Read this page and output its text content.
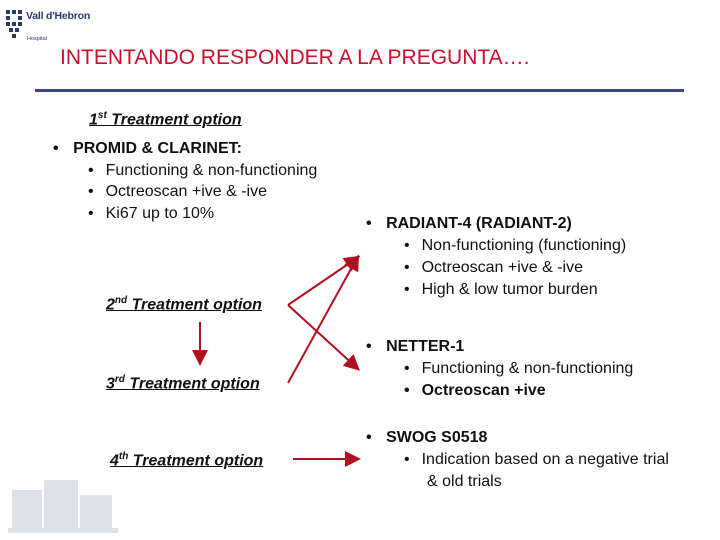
Vall d'Hebron
Hospital
INTENTANDO RESPONDER A LA PREGUNTA….
1st Treatment option
• PROMID & CLARINET:
• Functioning & non-functioning
• Octreoscan +ive & -ive
• Ki67 up to 10%
• RADIANT-4 (RADIANT-2)
• Non-functioning (functioning)
• Octreoscan +ive & -ive
• High & low tumor burden
2nd Treatment option
• NETTER-1
• Functioning & non-functioning
• Octreoscan +ive
3rd Treatment option
• SWOG S0518
• Indication based on a negative trial
& old trials
4th Treatment option
